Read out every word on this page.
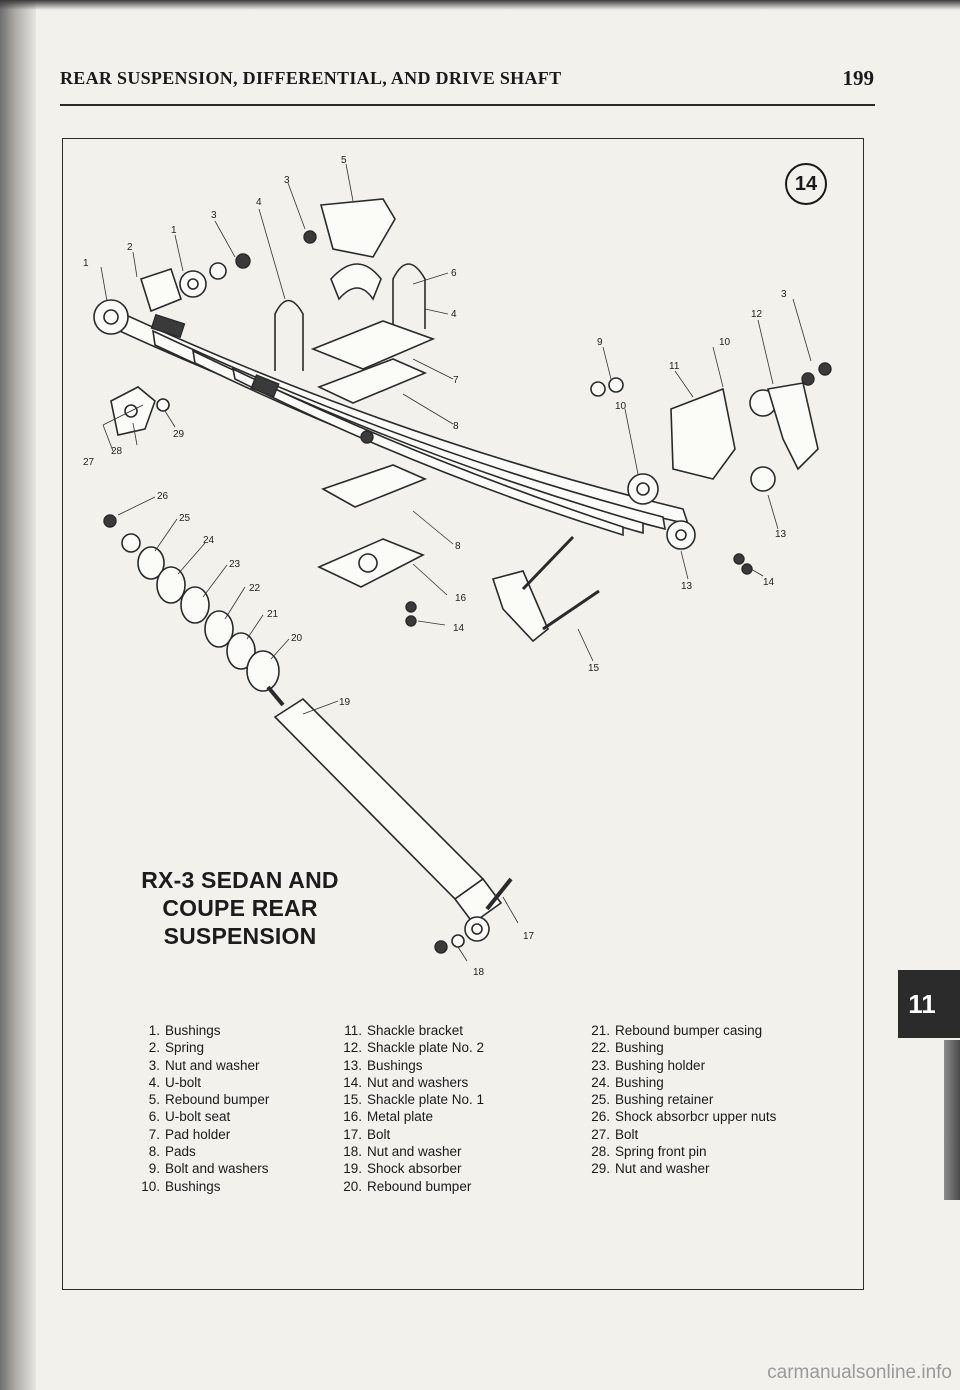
REAR SUSPENSION, DIFFERENTIAL, AND DRIVE SHAFT	199
14
1
1
2
3
3
3
4
4
5
6
7
8
8
9
10
10
11
12
13
13	14
14
15
16
17
18
19
20
21
22
23
24
25
26
27
28
29
RX-3 SEDAN AND
COUPE REAR SUSPENSION
1. Bushings
2. Spring
3. Nut and washer
4. U-bolt
5. Rebound bumper
6. U-bolt seat
7. Pad holder
8. Pads
9. Bolt and washers
10. Bushings
11. Shackle bracket
12. Shackle plate No. 2
13. Bushings
14. Nut and washers
15. Shackle plate No. 1
16. Metal plate
17. Bolt
18. Nut and washer
19. Shock absorber
20. Rebound bumper
21. Rebound bumper casing
22. Bushing
23. Bushing holder
24. Bushing
25. Bushing retainer
26. Shock absorbcr upper nuts
27. Bolt
28. Spring front pin
29. Nut and washer
11
carmanualsonline.info
